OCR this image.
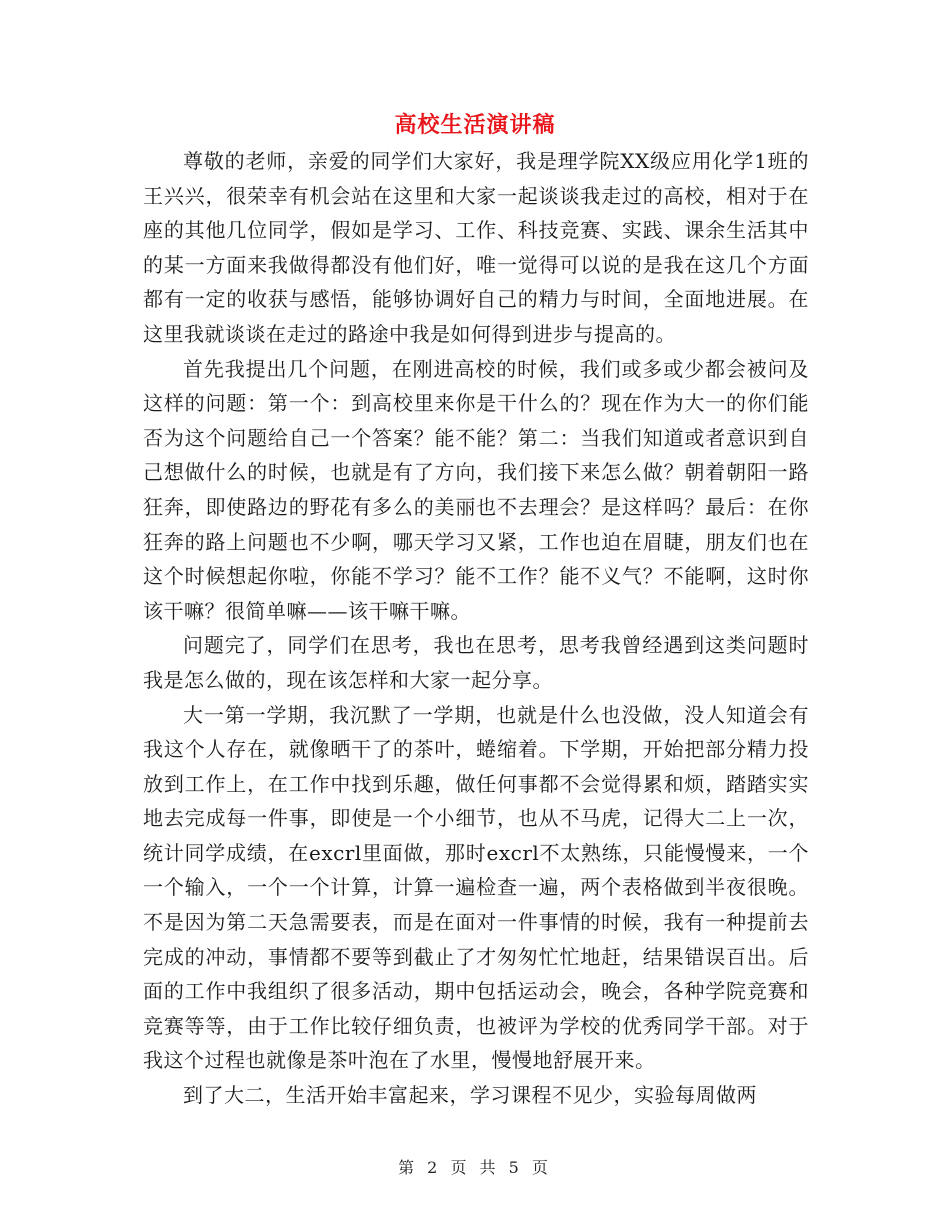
高校生活演讲稿

尊敬的老师，亲爱的同学们大家好，我是理学院XX级应用化学1班的王兴兴，很荣幸有机会站在这里和大家一起谈谈我走过的高校，相对于在座的其他几位同学，假如是学习、工作、科技竞赛、实践、课余生活其中的某一方面来我做得都没有他们好，唯一觉得可以说的是我在这几个方面都有一定的收获与感悟，能够协调好自己的精力与时间，全面地进展。在这里我就谈谈在走过的路途中我是如何得到进步与提高的。

首先我提出几个问题，在刚进高校的时候，我们或多或少都会被问及这样的问题：第一个：到高校里来你是干什么的？现在作为大一的你们能否为这个问题给自己一个答案？能不能？第二：当我们知道或者意识到自己想做什么的时候，也就是有了方向，我们接下来怎么做？朝着朝阳一路狂奔，即使路边的野花有多么的美丽也不去理会？是这样吗？最后：在你狂奔的路上问题也不少啊，哪天学习又紧，工作也迫在眉睫，朋友们也在这个时候想起你啦，你能不学习？能不工作？能不义气？不能啊，这时你该干嘛？很简单嘛——该干嘛干嘛。

问题完了，同学们在思考，我也在思考，思考我曾经遇到这类问题时我是怎么做的，现在该怎样和大家一起分享。

大一第一学期，我沉默了一学期，也就是什么也没做，没人知道会有我这个人存在，就像晒干了的茶叶，蜷缩着。下学期，开始把部分精力投放到工作上，在工作中找到乐趣，做任何事都不会觉得累和烦，踏踏实实地去完成每一件事，即使是一个小细节，也从不马虎，记得大二上一次，统计同学成绩，在excrl里面做，那时excrl不太熟练，只能慢慢来，一个一个输入，一个一个计算，计算一遍检查一遍，两个表格做到半夜很晚。不是因为第二天急需要表，而是在面对一件事情的时候，我有一种提前去完成的冲动，事情都不要等到截止了才匆匆忙忙地赶，结果错误百出。后面的工作中我组织了很多活动，期中包括运动会，晚会，各种学院竞赛和竞赛等等，由于工作比较仔细负责，也被评为学校的优秀同学干部。对于我这个过程也就像是茶叶泡在了水里，慢慢地舒展开来。

到了大二，生活开始丰富起来，学习课程不见少，实验每周做两

第 2 页 共 5 页
